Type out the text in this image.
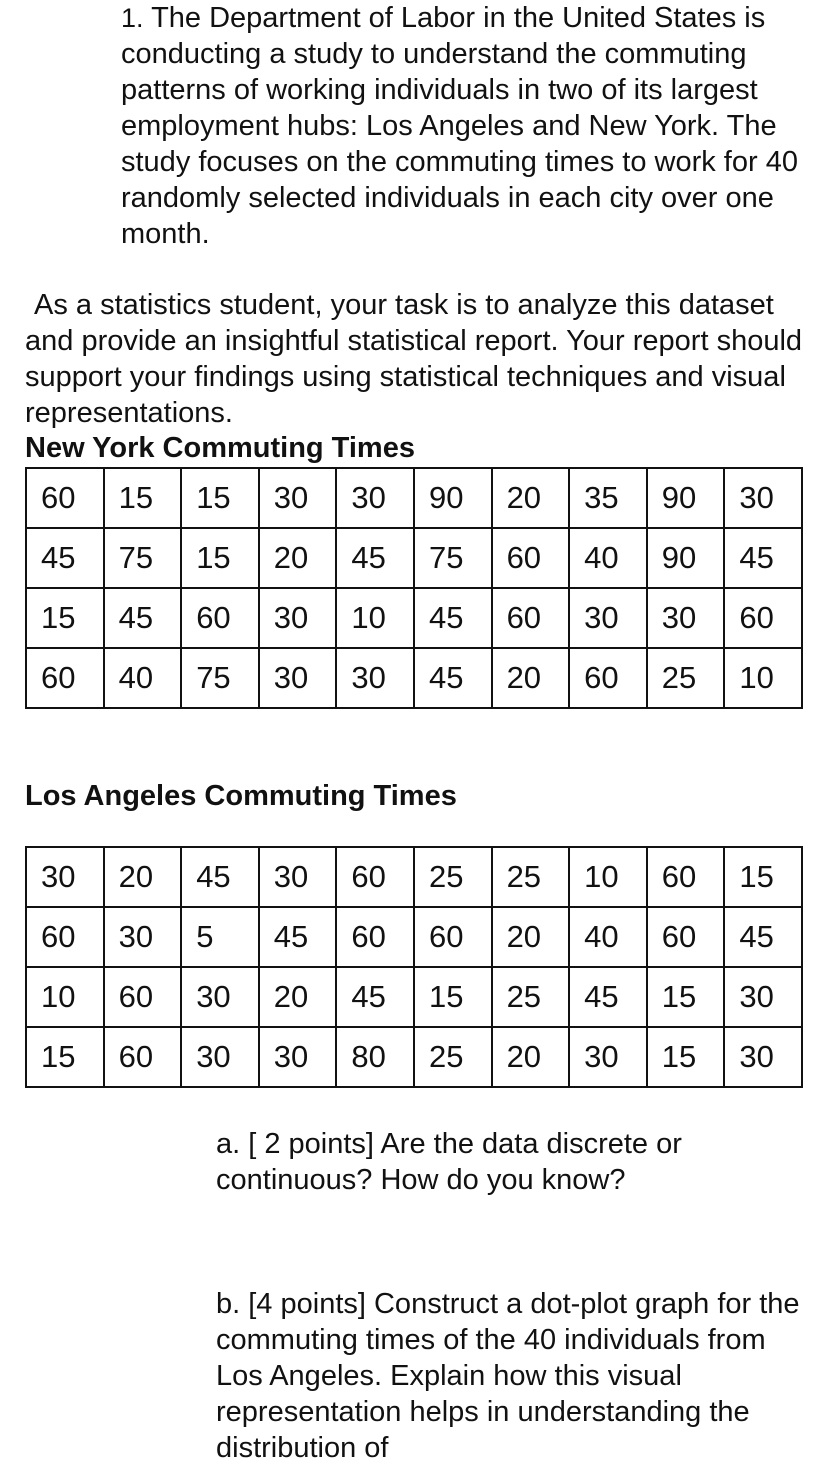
1. The Department of Labor in the United States is conducting a study to understand the commuting patterns of working individuals in two of its largest employment hubs: Los Angeles and New York. The study focuses on the commuting times to work for 40 randomly selected individuals in each city over one month.

As a statistics student, your task is to analyze this dataset and provide an insightful statistical report. Your report should support your findings using statistical techniques and visual representations.

New York Commuting Times
60	15	15	30	30	90	20	35	90	30
45	75	15	20	45	75	60	40	90	45
15	45	60	30	10	45	60	30	30	60
60	40	75	30	30	45	20	60	25	10
Los Angeles Commuting Times
30	20	45	30	60	25	25	10	60	15
60	30	5	45	60	60	20	40	60	45
10	60	30	20	45	15	25	45	15	30
15	60	30	30	80	25	20	30	15	30

a. [ 2 points] Are the data discrete or continuous? How do you know?

b. [4 points] Construct a dot-plot graph for the commuting times of the 40 individuals from Los Angeles. Explain how this visual representation helps in understanding the distribution of
